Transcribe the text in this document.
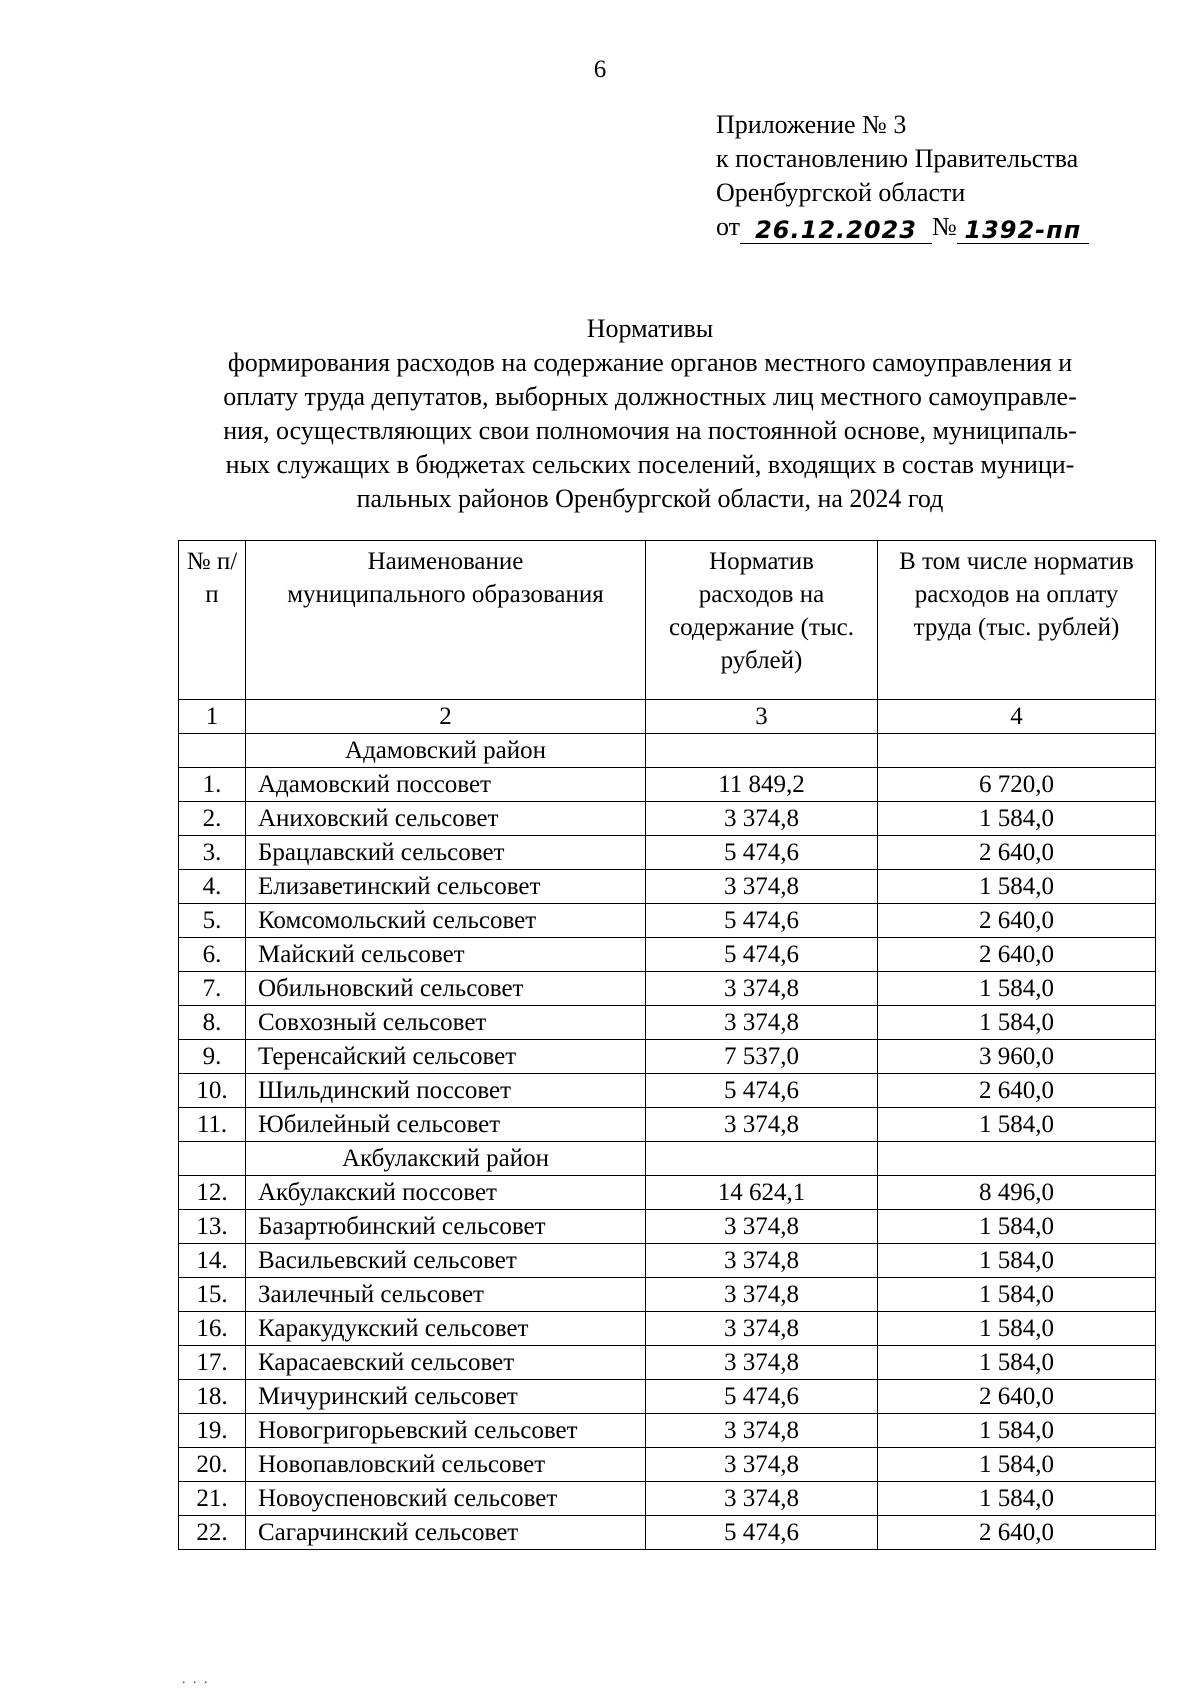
6
Приложение № 3
к постановлению Правительства
Оренбургской области
от 26.12.2023 № 1392-пп
Нормативы
формирования расходов на содержание органов местного самоуправления и
оплату труда депутатов, выборных должностных лиц местного самоуправле-
ния, осуществляющих свои полномочия на постоянной основе, муниципаль-
ных служащих в бюджетах сельских поселений, входящих в состав муници-
пальных районов Оренбургской области, на 2024 год
№ п/п	Наименование муниципального образования	Норматив расходов на содержание (тыс. рублей)	В том числе норматив расходов на оплату труда (тыс. рублей)
1	2	3	4
	Адамовский район		
1.	Адамовский поссовет	11 849,2	6 720,0
2.	Аниховский сельсовет	3 374,8	1 584,0
3.	Брацлавский сельсовет	5 474,6	2 640,0
4.	Елизаветинский сельсовет	3 374,8	1 584,0
5.	Комсомольский сельсовет	5 474,6	2 640,0
6.	Майский сельсовет	5 474,6	2 640,0
7.	Обильновский сельсовет	3 374,8	1 584,0
8.	Совхозный сельсовет	3 374,8	1 584,0
9.	Теренсайский сельсовет	7 537,0	3 960,0
10.	Шильдинский поссовет	5 474,6	2 640,0
11.	Юбилейный сельсовет	3 374,8	1 584,0
	Акбулакский район		
12.	Акбулакский поссовет	14 624,1	8 496,0
13.	Базартюбинский сельсовет	3 374,8	1 584,0
14.	Васильевский сельсовет	3 374,8	1 584,0
15.	Заилечный сельсовет	3 374,8	1 584,0
16.	Каракудукский сельсовет	3 374,8	1 584,0
17.	Карасаевский сельсовет	3 374,8	1 584,0
18.	Мичуринский сельсовет	5 474,6	2 640,0
19.	Новогригорьевский сельсовет	3 374,8	1 584,0
20.	Новопавловский сельсовет	3 374,8	1 584,0
21.	Новоуспеновский сельсовет	3 374,8	1 584,0
22.	Сагарчинский сельсовет	5 474,6	2 640,0
. . .
